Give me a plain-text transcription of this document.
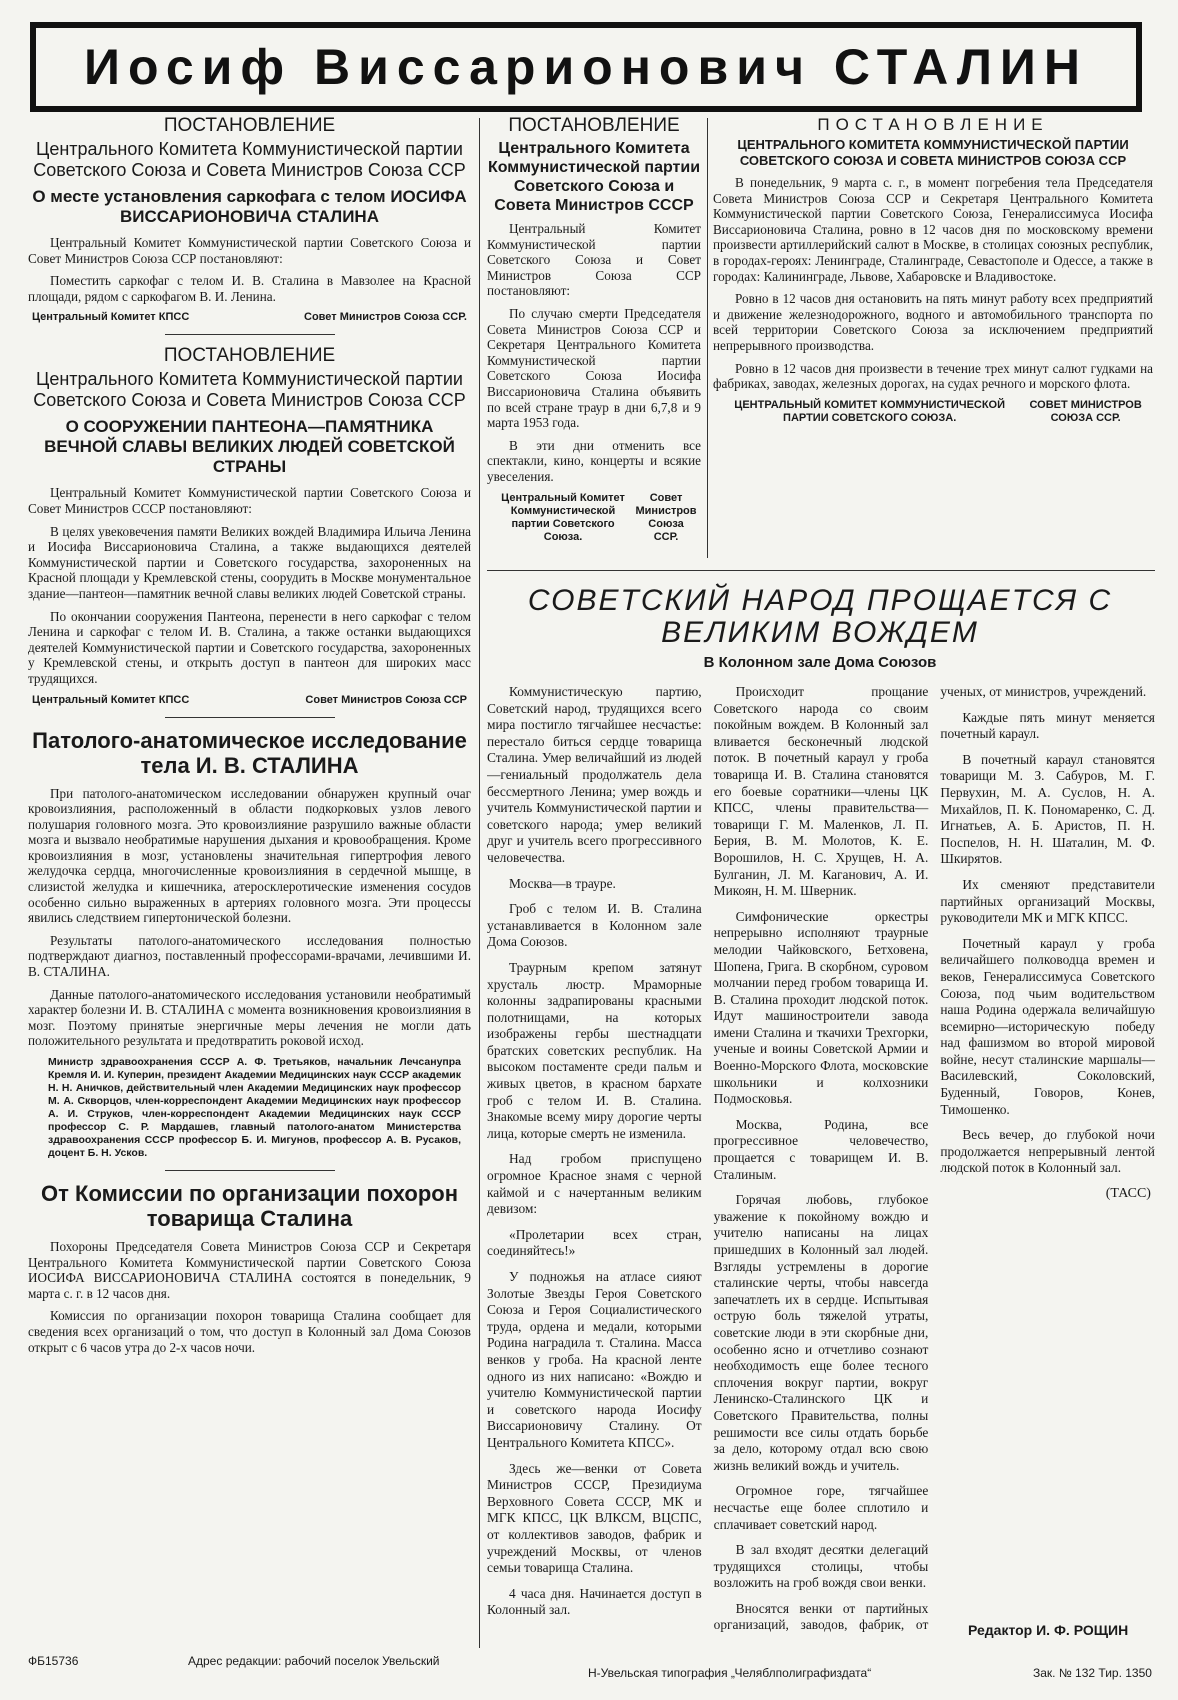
Иосиф Виссарионович СТАЛИН

ПОСТАНОВЛЕНИЕ

Центрального Комитета Коммунистической партии Советского Союза и Совета Министров Союза ССР

О месте установления саркофага с телом ИОСИФА ВИССАРИОНОВИЧА СТАЛИНА

Центральный Комитет Коммунистической партии Советского Союза и Совет Министров Союза ССР постановляют:

Поместить саркофаг с телом И. В. Сталина в Мавзолее на Красной площади, рядом с саркофагом В. И. Ленина.

Центральный Комитет КПСС	Совет Министров Союза ССР.

ПОСТАНОВЛЕНИЕ

Центрального Комитета Коммунистической партии Советского Союза и Совета Министров Союза ССР

О СООРУЖЕНИИ ПАНТЕОНА—ПАМЯТНИКА ВЕЧНОЙ СЛАВЫ ВЕЛИКИХ ЛЮДЕЙ СОВЕТСКОЙ СТРАНЫ

Центральный Комитет Коммунистической партии Советского Союза и Совет Министров СССР постановляют:

В целях увековечения памяти Великих вождей Владимира Ильича Ленина и Иосифа Виссарионовича Сталина, а также выдающихся деятелей Коммунистической партии и Советского государства, захороненных на Красной площади у Кремлевской стены, соорудить в Москве монументальное здание—пантеон—памятник вечной славы великих людей Советской страны.

По окончании сооружения Пантеона, перенести в него саркофаг с телом Ленина и саркофаг с телом И. В. Сталина, а также останки выдающихся деятелей Коммунистической партии и Советского государства, захороненных у Кремлевской стены, и открыть доступ в пантеон для широких масс трудящихся.

Центральный Комитет КПСС	Совет Министров Союза ССР

Патолого-анатомическое исследование тела И. В. СТАЛИНА

При патолого-анатомическом исследовании обнаружен крупный очаг кровоизлияния, расположенный в области подкорковых узлов левого полушария головного мозга. Это кровоизлияние разрушило важные области мозга и вызвало необратимые нарушения дыхания и кровообращения. Кроме кровоизлияния в мозг, установлены значительная гипертрофия левого желудочка сердца, многочисленные кровоизлияния в сердечной мышце, в слизистой желудка и кишечника, атеросклеротические изменения сосудов особенно сильно выраженных в артериях головного мозга. Эти процессы явились следствием гипертонической болезни.

Результаты патолого-анатомического исследования полностью подтверждают диагноз, поставленный профессорами-врачами, лечившими И. В. СТАЛИНА.

Данные патолого-анатомического исследования установили необратимый характер болезни И. В. СТАЛИНА с момента возникновения кровоизлияния в мозг. Поэтому принятые энергичные меры лечения не могли дать положительного результата и предотвратить роковой исход.

Министр здравоохранения СССР А. Ф. Третьяков, начальник Лечсанупра Кремля И. И. Куперин, президент Академии Медицинских наук СССР академик Н. Н. Аничков, действительный член Академии Медицинских наук профессор М. А. Скворцов, член-корреспондент Академии Медицинских наук профессор А. И. Струков, член-корреспондент Академии Медицинских наук СССР профессор С. Р. Мардашев, главный патолого-анатом Министерства здравоохранения СССР профессор Б. И. Мигунов, профессор А. В. Русаков, доцент Б. Н. Усков.

От Комиссии по организации похорон товарища Сталина

Похороны Председателя Совета Министров Союза ССР и Секретаря Центрального Комитета Коммунистической партии Советского Союза ИОСИФА ВИССАРИОНОВИЧА СТАЛИНА состоятся в понедельник, 9 марта с. г. в 12 часов дня.

Комиссия по организации похорон товарища Сталина сообщает для сведения всех организаций о том, что доступ в Колонный зал Дома Союзов открыт с 6 часов утра до 2-х часов ночи.

ПОСТАНОВЛЕНИЕ

Центрального Комитета Коммунистической партии Советского Союза и Совета Министров СССР

Центральный Комитет Коммунистической партии Советского Союза и Совет Министров Союза ССР постановляют:

По случаю смерти Председателя Совета Министров Союза ССР и Секретаря Центрального Комитета Коммунистической партии Советского Союза Иосифа Виссарионовича Сталина объявить по всей стране траур в дни 6,7,8 и 9 марта 1953 года.

В эти дни отменить все спектакли, кино, концерты и всякие увеселения.

Центральный Комитет Коммунистической партии Советского Союза.
Совет Министров Союза ССР.

ПОСТАНОВЛЕНИЕ

ЦЕНТРАЛЬНОГО КОМИТЕТА КОММУНИСТИЧЕСКОЙ ПАРТИИ СОВЕТСКОГО СОЮЗА И СОВЕТА МИНИСТРОВ СОЮЗА ССР

В понедельник, 9 марта с. г., в момент погребения тела Председателя Совета Министров Союза ССР и Секретаря Центрального Комитета Коммунистической партии Советского Союза, Генералиссимуса Иосифа Виссарионовича Сталина, ровно в 12 часов дня по московскому времени произвести артиллерийский салют в Москве, в столицах союзных республик, в городах-героях: Ленинграде, Сталинграде, Севастополе и Одессе, а также в городах: Калининграде, Львове, Хабаровске и Владивостоке.

Ровно в 12 часов дня остановить на пять минут работу всех предприятий и движение железнодорожного, водного и автомобильного транспорта по всей территории Советского Союза за исключением предприятий непрерывного производства.

Ровно в 12 часов дня произвести в течение трех минут салют гудками на фабриках, заводах, железных дорогах, на судах речного и морского флота.

ЦЕНТРАЛЬНЫЙ КОМИТЕТ КОММУНИСТИЧЕСКОЙ ПАРТИИ СОВЕТСКОГО СОЮЗА.
СОВЕТ МИНИСТРОВ СОЮЗА ССР.

СОВЕТСКИЙ НАРОД ПРОЩАЕТСЯ С ВЕЛИКИМ ВОЖДЕМ

В Колонном зале Дома Союзов

Коммунистическую партию, Советский народ, трудящихся всего мира постигло тягчайшее несчастье: перестало биться сердце товарища Сталина. Умер величайший из людей—гениальный продолжатель дела бессмертного Ленина; умер вождь и учитель Коммунистической партии и советского народа; умер великий друг и учитель всего прогрессивного человечества.

Москва—в трауре.

Гроб с телом И. В. Сталина устанавливается в Колонном зале Дома Союзов.

Траурным крепом затянут хрусталь люстр. Мраморные колонны задрапированы красными полотнищами, на которых изображены гербы шестнадцати братских советских республик. На высоком постаменте среди пальм и живых цветов, в красном бархате гроб с телом И. В. Сталина. Знакомые всему миру дорогие черты лица, которые смерть не изменила.

Над гробом приспущено огромное Красное знамя с черной каймой и с начертанным великим девизом:

«Пролетарии всех стран, соединяйтесь!»

У подножья на атласе сияют Золотые Звезды Героя Советского Союза и Героя Социалистического труда, ордена и медали, которыми Родина наградила т. Сталина. Масса венков у гроба. На красной ленте одного из них написано: «Вождю и учителю Коммунистической партии и советского народа Иосифу Виссарионовичу Сталину. От Центрального Комитета КПСС».

Здесь же—венки от Совета Министров СССР, Президиума Верховного Совета СССР, МК и МГК КПСС, ЦК ВЛКСМ, ВЦСПС, от коллективов заводов, фабрик и учреждений Москвы, от членов семьи товарища Сталина.

4 часа дня. Начинается доступ в Колонный зал.

Происходит прощание Советского народа со своим покойным вождем. В Колонный зал вливается бесконечный людской поток. В почетный караул у гроба товарища И. В. Сталина становятся его боевые соратники—члены ЦК КПСС, члены правительства—товарищи Г. М. Маленков, Л. П. Берия, В. М. Молотов, К. Е. Ворошилов, Н. С. Хрущев, Н. А. Булганин, Л. М. Каганович, А. И. Микоян, Н. М. Шверник.

Симфонические оркестры непрерывно исполняют траурные мелодии Чайковского, Бетховена, Шопена, Грига. В скорбном, суровом молчании перед гробом товарища И. В. Сталина проходит людской поток. Идут машиностроители завода имени Сталина и ткачихи Трехгорки, ученые и воины Советской Армии и Военно-Морского Флота, московские школьники и колхозники Подмосковья.

Москва, Родина, все прогрессивное человечество, прощается с товарищем И. В. Сталиным.

Горячая любовь, глубокое уважение к покойному вождю и учителю написаны на лицах пришедших в Колонный зал людей. Взгляды устремлены в дорогие сталинские черты, чтобы навсегда запечатлеть их в сердце. Испытывая острую боль тяжелой утраты, советские люди в эти скорбные дни, особенно ясно и отчетливо сознают необходимость еще более тесного сплочения вокруг партии, вокруг Ленинско-Сталинского ЦК и Советского Правительства, полны решимости все силы отдать борьбе за дело, которому отдал всю свою жизнь великий вождь и учитель.

Огромное горе, тягчайшее несчастье еще более сплотило и сплачивает советский народ.

В зал входят десятки делегаций трудящихся столицы, чтобы возложить на гроб вождя свои венки.

Вносятся венки от партийных организаций, заводов, фабрик, от ученых, от министров, учреждений.

Каждые пять минут меняется почетный караул.

В почетный караул становятся товарищи М. З. Сабуров, М. Г. Первухин, М. А. Суслов, Н. А. Михайлов, П. К. Пономаренко, С. Д. Игнатьев, А. Б. Аристов, П. Н. Поспелов, Н. Н. Шаталин, М. Ф. Шкирятов.

Их сменяют представители партийных организаций Москвы, руководители МК и МГК КПСС.

Почетный караул у гроба величайшего полководца времен и веков, Генералиссимуса Советского Союза, под чьим водительством наша Родина одержала величайшую всемирно—историческую победу над фашизмом во второй мировой войне, несут сталинские маршалы—Василевский, Соколовский, Буденный, Говоров, Конев, Тимошенко.

Весь вечер, до глубокой ночи продолжается непрерывный лентой людской поток в Колонный зал.

(ТАСС)

Редактор И. Ф. РОЩИН
ФБ15736	Адрес редакции: рабочий поселок Увельский
Н-Увельская типография „Челяблполиграфиздата“	Зак. № 132 Тир. 1350
